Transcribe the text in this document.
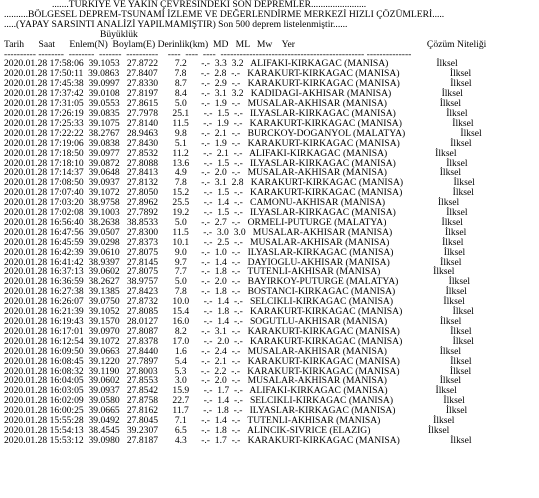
.......TÜRKİYE VE YAKIN ÇEVRESİNDEKİ SON DEPREMLER.......................
..........BÖLGESEL DEPREM-TSUNAMİ İZLEME VE DEĞERLENDİRME MERKEZİ HIZLI ÇÖZÜMLERİ.....
.....(YAPAY SARSINTI ANALİZİ YAPILMAMIŞTIR) Son 500 deprem listelenmiştir......
Büyüklük
Tarih      Saat      Enlem(N)  Boylam(E) Derinlik(km)  MD   ML   Mw    Yer                                                       Çözüm Niteliği
---------- --------  --------  -------  ----------    ----  ----  ----  --------------------------------------------- --------------
2020.01.28 17:58:06  39.1053   27.8722       7.2      -.-  3.3  3.2   ALIFAKI-KIRKAGAC (MANISA)                    İlksel
2020.01.28 17:50:11  39.0863   27.8407       7.8      -.-  2.8  -.-   KARAKURT-KIRKAGAC (MANISA)                     İlksel
2020.01.28 17:45:38  39.0997   27.8330       8.7      -.-  2.9  -.-   KARAKURT-KIRKAGAC (MANISA)                     İlksel
2020.01.28 17:37:42  39.0108   27.8197       8.4      -.-  3.1  3.2   KADIDAGI-AKHISAR (MANISA)                     İlksel
2020.01.28 17:31:05  39.0553   27.8615       5.0      -.-  1.9  -.-   MUSALAR-AKHISAR (MANISA)                      İlksel
2020.01.28 17:26:19  39.0835   27.7978      25.1      -.-  1.5  -.-   ILYASLAR-KIRKAGAC (MANISA)                     İlksel
2020.01.28 17:25:33  39.1075   27.8140      11.5      -.-  1.9  -.-   KARAKURT-KIRKAGAC (MANISA)                     İlksel
2020.01.28 17:22:22  38.2767   28.9463       9.8      -.-  2.1  -.-   BURCKOY-DOGANYOL (MALATYA)                       İlksel
2020.01.28 17:19:06  39.0838   27.8430       5.1      -.-  1.9  -.-   KARAKURT-KIRKAGAC (MANISA)                     İlksel
2020.01.28 17:18:50  39.0977   27.8532      11.2      -.-  2.1  -.-   ALIFAKI-KIRKAGAC (MANISA)                    İlksel
2020.01.28 17:18:10  39.0872   27.8088      13.6      -.-  1.5  -.-   ILYASLAR-KIRKAGAC (MANISA)                     İlksel
2020.01.28 17:14:37  39.0648   27.8413       4.9      -.-  2.0  -.-   MUSALAR-AKHISAR (MANISA)                      İlksel
2020.01.28 17:08:50  39.0937   27.8132       7.8      -.-  3.1  2.8   KARAKURT-KIRKAGAC (MANISA)                     İlksel
2020.01.28 17:07:40  39.1072   27.8050      15.2      -.-  1.5  -.-   KARAKURT-KIRKAGAC (MANISA)                     İlksel
2020.01.28 17:03:20  38.9758   27.8962      25.5      -.-  1.4  -.-   CAMONU-AKHISAR (MANISA)                      İlksel
2020.01.28 17:02:08  39.1003   27.7892      19.2      -.-  1.5  -.-   ILYASLAR-KIRKAGAC (MANISA)                     İlksel
2020.01.28 16:56:40  38.2638   38.8533       5.0      -.-  2.7  -.-   ORMELI-PUTURGE (MALATYA)                       İlksel
2020.01.28 16:47:56  39.0507   27.8300      11.5      -.-  3.0  3.0   MUSALAR-AKHISAR (MANISA)                      İlksel
2020.01.28 16:45:59  39.0298   27.8373      10.1      -.-  2.5  -.-   MUSALAR-AKHISAR (MANISA)                      İlksel
2020.01.28 16:42:39  39.0610   27.8075       9.0      -.-  1.0  -.-   ILYASLAR-KIRKAGAC (MANISA)                     İlksel
2020.01.28 16:41:42  38.9397   27.8145       9.7      -.-  1.4  -.-   DAYIOGLU-AKHISAR (MANISA)                     İlksel
2020.01.28 16:37:13  39.0602   27.8075       7.7      -.-  1.8  -.-   TUTENLI-AKHISAR (MANISA)                      İlksel
2020.01.28 16:36:59  38.2627   38.9757       5.0      -.-  2.0  -.-   BAYIRKOY-PUTURGE (MALATYA)                     İlksel
2020.01.28 16:27:38  39.1385   27.8423       7.8      -.-  1.8  -.-   BOSTANCI-KIRKAGAC (MANISA)                     İlksel
2020.01.28 16:26:07  39.0750   27.8732      10.0      -.-  1.4  -.-   SELCIKLI-KIRKAGAC (MANISA)                     İlksel
2020.01.28 16:21:39  39.1052   27.8085      15.4      -.-  1.8  -.-   KARAKURT-KIRKAGAC (MANISA)                     İlksel
2020.01.28 16:19:43  39.1570   28.0127      16.0      -.-  1.4  -.-   SOGUTLU-AKHISAR (MANISA)                      İlksel
2020.01.28 16:17:01  39.0970   27.8087       8.2      -.-  3.1  -.-   KARAKURT-KIRKAGAC (MANISA)                     İlksel
2020.01.28 16:12:54  39.1072   27.8378      17.0      -.-  2.0  -.-   KARAKURT-KIRKAGAC (MANISA)                     İlksel
2020.01.28 16:09:50  39.0663   27.8440       1.6      -.-  2.4  -.-   MUSALAR-AKHISAR (MANISA)                      İlksel
2020.01.28 16:08:45  39.1220   27.7897       5.4      -.-  2.1  -.-   KARAKURT-KIRKAGAC (MANISA)                     İlksel
2020.01.28 16:08:32  39.1190   27.8003       5.3      -.-  2.2  -.-   KARAKURT-KIRKAGAC (MANISA)                     İlksel
2020.01.28 16:04:05  39.0602   27.8553       3.0      -.-  2.0  -.-   MUSALAR-AKHISAR (MANISA)                      İlksel
2020.01.28 16:03:05  39.0937   27.8542      15.9      -.-  1.7  -.-   ALIFAKI-KIRKAGAC (MANISA)                    İlksel
2020.01.28 16:02:09  39.0580   27.8758      22.7      -.-  1.4  -.-   SELCIKLI-KIRKAGAC (MANISA)                     İlksel
2020.01.28 16:00:25  39.0665   27.8162      11.7      -.-  1.8  -.-   ILYASLAR-KIRKAGAC (MANISA)                     İlksel
2020.01.28 15:55:28  39.0492   27.8045       7.1      -.-  1.4  -.-   TUTENLI-AKHISAR (MANISA)                      İlksel
2020.01.28 15:54:13  38.4545   39.2307       6.5      -.-  1.8  -.-   ALINCIK-SIVRICE (ELAZIG)                        İlksel
2020.01.28 15:53:12  39.0980   27.8187       4.3      -.-  1.7  -.-   KARAKURT-KIRKAGAC (MANISA)                     İlksel
